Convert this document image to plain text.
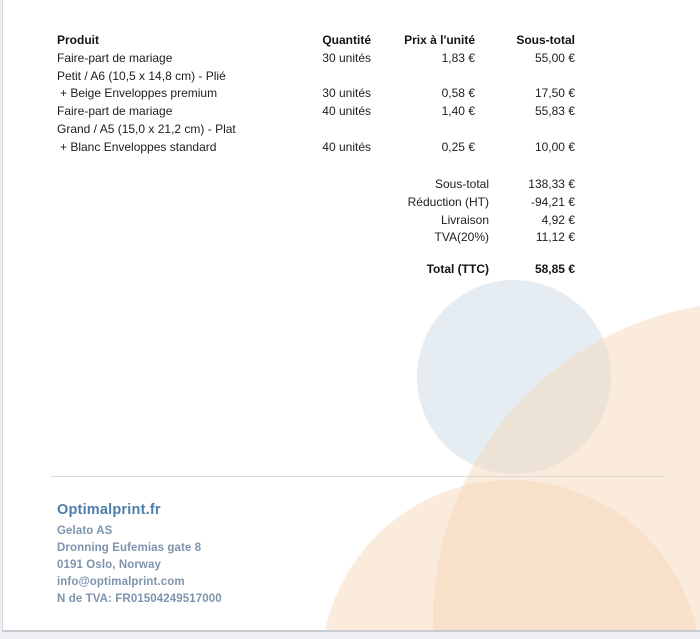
Produit	Quantité	Prix à l'unité	Sous-total
Faire-part de mariage	30 unités	1,83 €	55,00 €
Petit / A6 (10,5 x 14,8 cm) - Plié
+ Beige Enveloppes premium	30 unités	0,58 €	17,50 €
Faire-part de mariage	40 unités	1,40 €	55,83 €
Grand / A5 (15,0 x 21,2 cm) - Plat
+ Blanc Enveloppes standard	40 unités	0,25 €	10,00 €
Sous-total	138,33 €
Réduction (HT)	-94,21 €
Livraison	4,92 €
TVA(20%)	11,12 €
Total (TTC)	58,85 €
Optimalprint.fr
Gelato AS
Dronning Eufemias gate 8
0191 Oslo, Norway
info@optimalprint.com
N de TVA: FR01504249517000
